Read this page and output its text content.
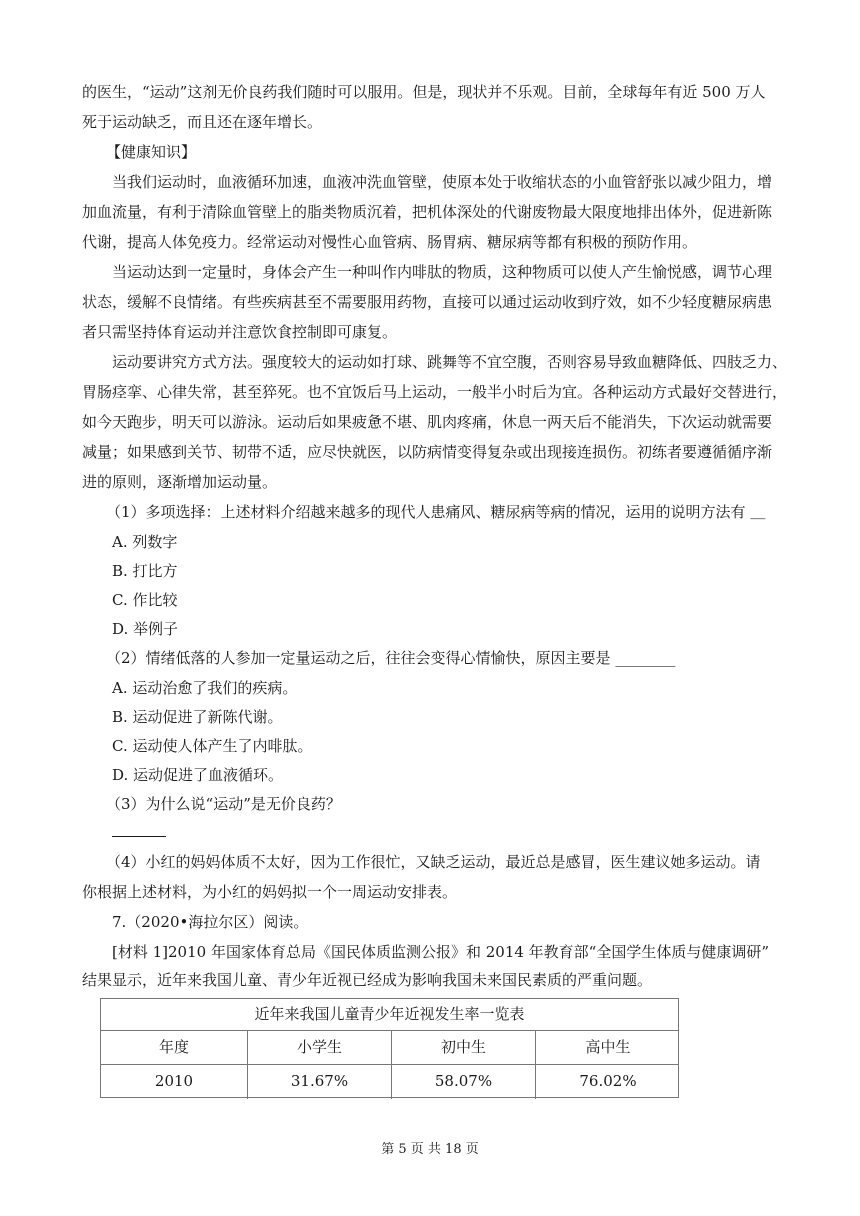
的医生，“运动”这剂无价良药我们随时可以服用。但是，现状并不乐观。目前，全球每年有近 500 万人
死于运动缺乏，而且还在逐年增长。
【健康知识】
当我们运动时，血液循环加速，血液冲洗血管壁，使原本处于收缩状态的小血管舒张以减少阻力，增
加血流量，有利于清除血管壁上的脂类物质沉着，把机体深处的代谢废物最大限度地排出体外，促进新陈
代谢，提高人体免疫力。经常运动对慢性心血管病、肠胃病、糖尿病等都有积极的预防作用。
当运动达到一定量时，身体会产生一种叫作内啡肽的物质，这种物质可以使人产生愉悦感，调节心理
状态，缓解不良情绪。有些疾病甚至不需要服用药物，直接可以通过运动收到疗效，如不少轻度糖尿病患
者只需坚持体育运动并注意饮食控制即可康复。
运动要讲究方式方法。强度较大的运动如打球、跳舞等不宜空腹，否则容易导致血糖降低、四肢乏力、
胃肠痉挛、心律失常，甚至猝死。也不宜饭后马上运动，一般半小时后为宜。各种运动方式最好交替进行，
如今天跑步，明天可以游泳。运动后如果疲惫不堪、肌肉疼痛，休息一两天后不能消失，下次运动就需要
减量；如果感到关节、韧带不适，应尽快就医，以防病情变得复杂或出现接连损伤。初练者要遵循循序渐
进的原则，逐渐增加运动量。
（1）多项选择：上述材料介绍越来越多的现代人患痛风、糖尿病等病的情况，运用的说明方法有 ＿
A. 列数字
B. 打比方
C. 作比较
D. 举例子
（2）情绪低落的人参加一定量运动之后，往往会变得心情愉快，原因主要是 ________
A. 运动治愈了我们的疾病。
B. 运动促进了新陈代谢。
C. 运动使人体产生了内啡肽。
D. 运动促进了血液循环。
（3）为什么说“运动”是无价良药？
（4）小红的妈妈体质不太好，因为工作很忙，又缺乏运动，最近总是感冒，医生建议她多运动。请
你根据上述材料，为小红的妈妈拟一个一周运动安排表。
7.（2020•海拉尔区）阅读。
[材料 1]2010 年国家体育总局《国民体质监测公报》和 2014 年教育部“全国学生体质与健康调研”
结果显示，近年来我国儿童、青少年近视已经成为影响我国未来国民素质的严重问题。
近年来我国儿童青少年近视发生率一览表
年度	小学生	初中生	高中生
2010	31.67%	58.07%	76.02%
第 5 页 共 18 页
